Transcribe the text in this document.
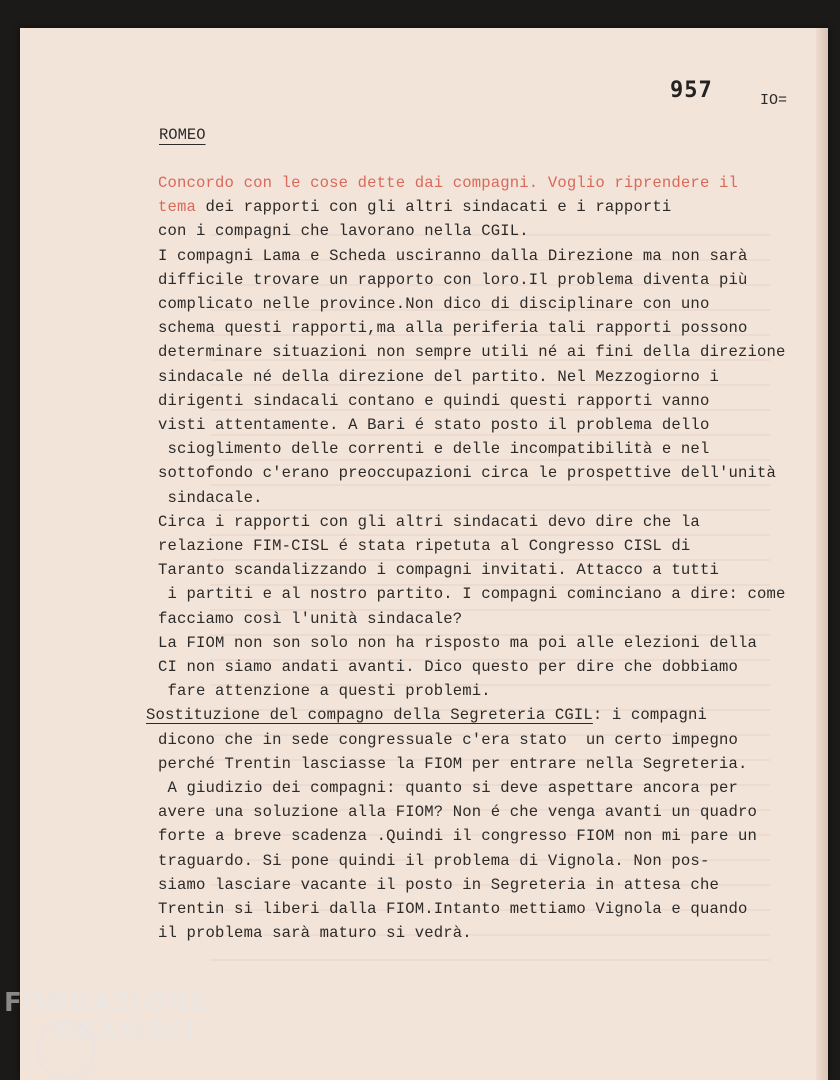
957	IO=
ROMEO
Concordo con le cose dette dai compagni. Voglio riprendere il
tema dei rapporti con gli altri sindacati e i rapporti
con i compagni che lavorano nella CGIL.
I compagni Lama e Scheda usciranno dalla Direzione ma non sarà
difficile trovare un rapporto con loro.Il problema diventa più
complicato nelle province.Non dico di disciplinare con uno
schema questi rapporti,ma alla periferia tali rapporti possono
determinare situazioni non sempre utili né ai fini della direzione
sindacale né della direzione del partito. Nel Mezzogiorno i
dirigenti sindacali contano e quindi questi rapporti vanno
visti attentamente. A Bari é stato posto il problema dello
scioglimento delle correnti e delle incompatibilità e nel
sottofondo c'erano preoccupazioni circa le prospettive dell'unità
sindacale.
Circa i rapporti con gli altri sindacati devo dire che la
relazione FIM-CISL é stata ripetuta al Congresso CISL di
Taranto scandalizzando i compagni invitati. Attacco a tutti
i partiti e al nostro partito. I compagni cominciano a dire: come
facciamo così l'unità sindacale?
La FIOM non son solo non ha risposto ma poi alle elezioni della
CI non siamo andati avanti. Dico questo per dire che dobbiamo
fare attenzione a questi problemi.
Sostituzione del compagno della Segreteria CGIL: i compagni
dicono che in sede congressuale c'era stato  un certo impegno
perché Trentin lasciasse la FIOM per entrare nella Segreteria.
A giudizio dei compagni: quanto si deve aspettare ancora per
avere una soluzione alla FIOM? Non é che venga avanti un quadro
forte a breve scadenza .Quindi il congresso FIOM non mi pare un
traguardo. Si pone quindi il problema di Vignola. Non pos-
siamo lasciare vacante il posto in Segreteria in attesa che
Trentin si liberi dalla FIOM.Intanto mettiamo Vignola e quando
il problema sarà maturo si vedrà.
FONDAZIONE
GRAMSCI
